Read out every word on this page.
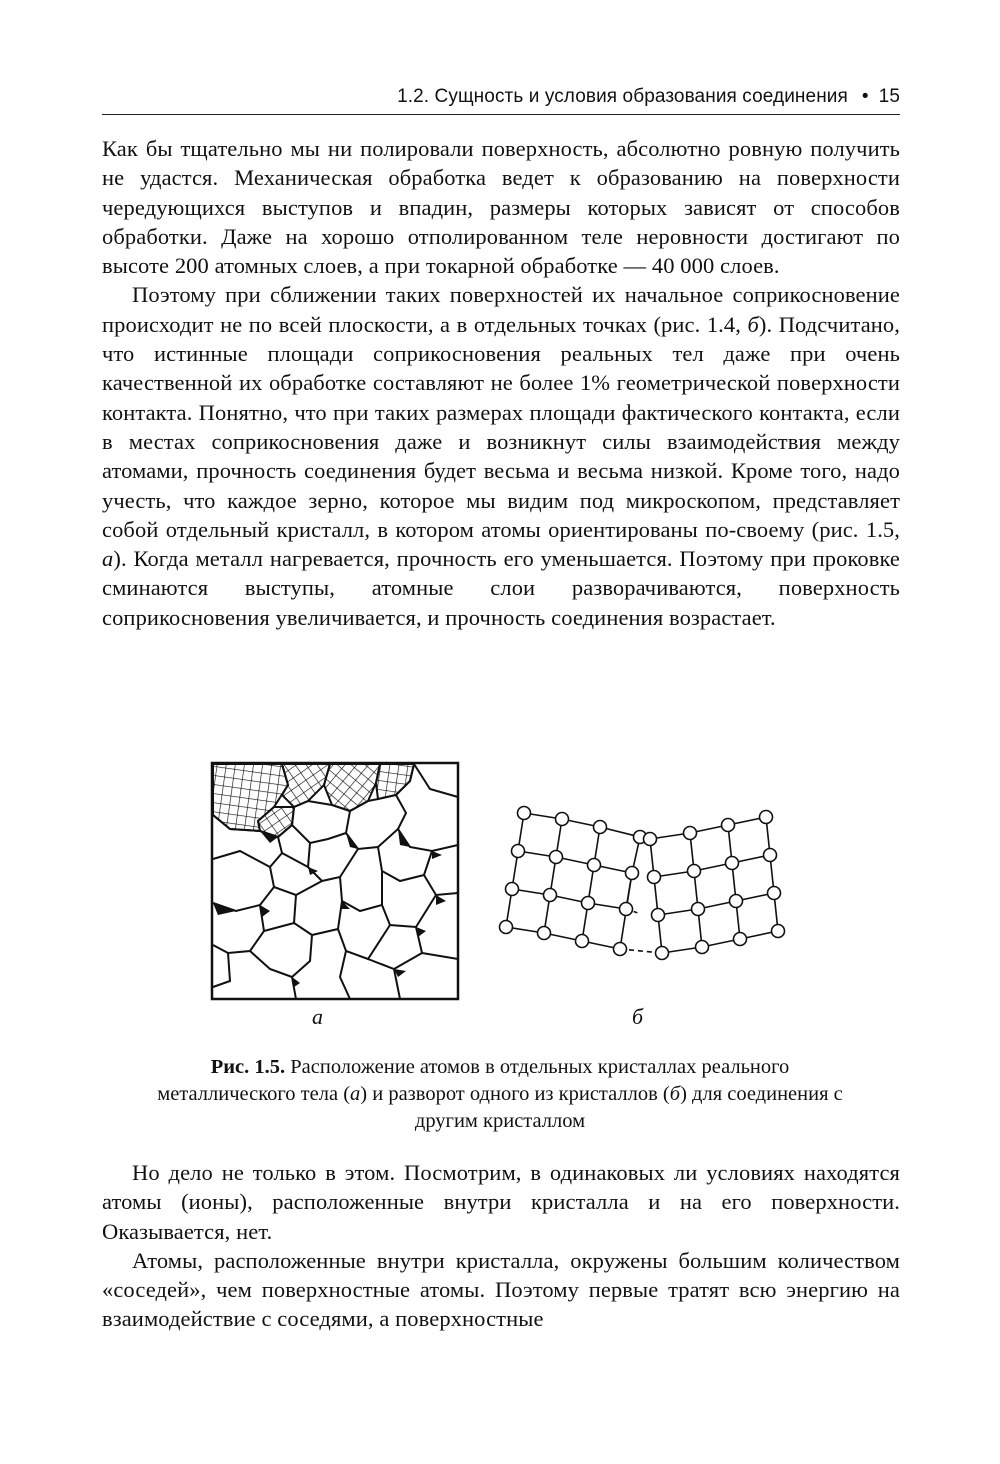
1.2. Сущность и условия образования соединения • 15

Как бы тщательно мы ни полировали поверхность, абсолютно ровную получить не удастся. Механическая обработка ведет к образованию на поверхности чередующихся выступов и впадин, размеры которых зависят от способов обработки. Даже на хорошо отполированном теле неровности достигают по высоте 200 атомных слоев, а при токарной обработке — 40 000 слоев.

Поэтому при сближении таких поверхностей их начальное соприкосновение происходит не по всей плоскости, а в отдельных точках (рис. 1.4, б). Подсчитано, что истинные площади соприкосновения реальных тел даже при очень качественной их обработке составляют не более 1% геометрической поверхности контакта. Понятно, что при таких размерах площади фактического контакта, если в местах соприкосновения даже и возникнут силы взаимодействия между атомами, прочность соединения будет весьма и весьма низкой. Кроме того, надо учесть, что каждое зерно, которое мы видим под микроскопом, представляет собой отдельный кристалл, в котором атомы ориентированы по-своему (рис. 1.5, а). Когда металл нагревается, прочность его уменьшается. Поэтому при проковке сминаются выступы, атомные слои разворачиваются, поверхность соприкосновения увеличивается, и прочность соединения возрастает.

а	б
Рис. 1.5. Расположение атомов в отдельных кристаллах реального металлического тела (а) и разворот одного из кристаллов (б) для соединения с другим кристаллом

Но дело не только в этом. Посмотрим, в одинаковых ли условиях находятся атомы (ионы), расположенные внутри кристалла и на его поверхности. Оказывается, нет.

Атомы, расположенные внутри кристалла, окружены большим количеством «соседей», чем поверхностные атомы. Поэтому первые тратят всю энергию на взаимодействие с соседями, а поверхностные
